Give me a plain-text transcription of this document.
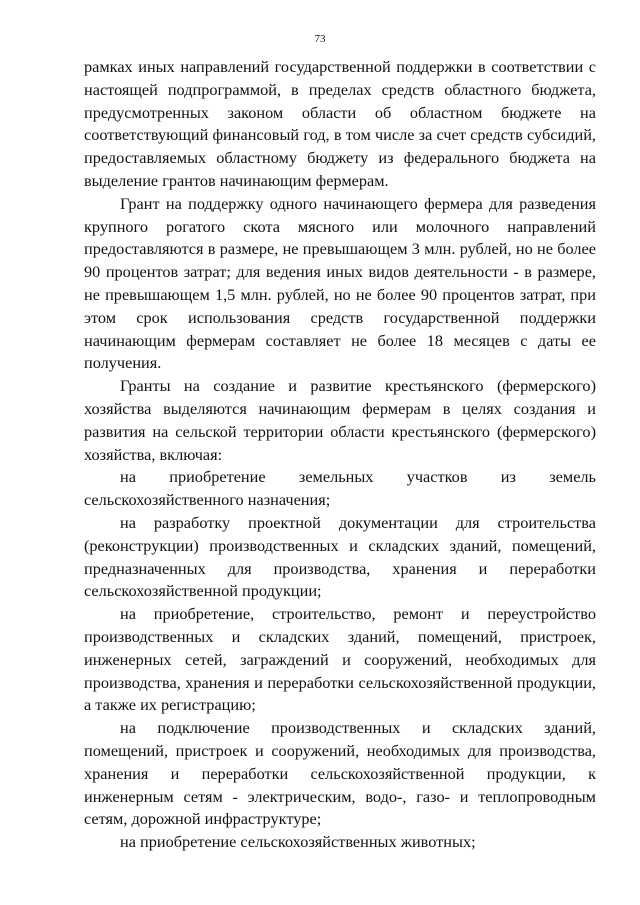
73

рамках иных направлений государственной поддержки в соответствии с настоящей подпрограммой, в пределах средств областного бюджета, предусмотренных законом области об областном бюджете на соответствующий финансовый год, в том числе за счет средств субсидий, предоставляемых областному бюджету из федерального бюджета на выделение грантов начинающим фермерам.

Грант на поддержку одного начинающего фермера для разведения крупного рогатого скота мясного или молочного направлений предоставляются в размере, не превышающем 3 млн. рублей, но не более 90 процентов затрат; для ведения иных видов деятельности - в размере, не превышающем 1,5 млн. рублей, но не более 90 процентов затрат, при этом срок использования средств государственной поддержки начинающим фермерам составляет не более 18 месяцев с даты ее получения.

Гранты на создание и развитие крестьянского (фермерского) хозяйства выделяются начинающим фермерам в целях создания и развития на сельской территории области крестьянского (фермерского) хозяйства, включая:

на приобретение земельных участков из земель сельскохозяйственного назначения;

на разработку проектной документации для строительства (реконструкции) производственных и складских зданий, помещений, предназначенных для производства, хранения и переработки сельскохозяйственной продукции;

на приобретение, строительство, ремонт и переустройство производственных и складских зданий, помещений, пристроек, инженерных сетей, заграждений и сооружений, необходимых для производства, хранения и переработки сельскохозяйственной продукции, а также их регистрацию;

на подключение производственных и складских зданий, помещений, пристроек и сооружений, необходимых для производства, хранения и переработки сельскохозяйственной продукции, к инженерным сетям - электрическим, водо-, газо- и теплопроводным сетям, дорожной инфраструктуре;

на приобретение сельскохозяйственных животных;
